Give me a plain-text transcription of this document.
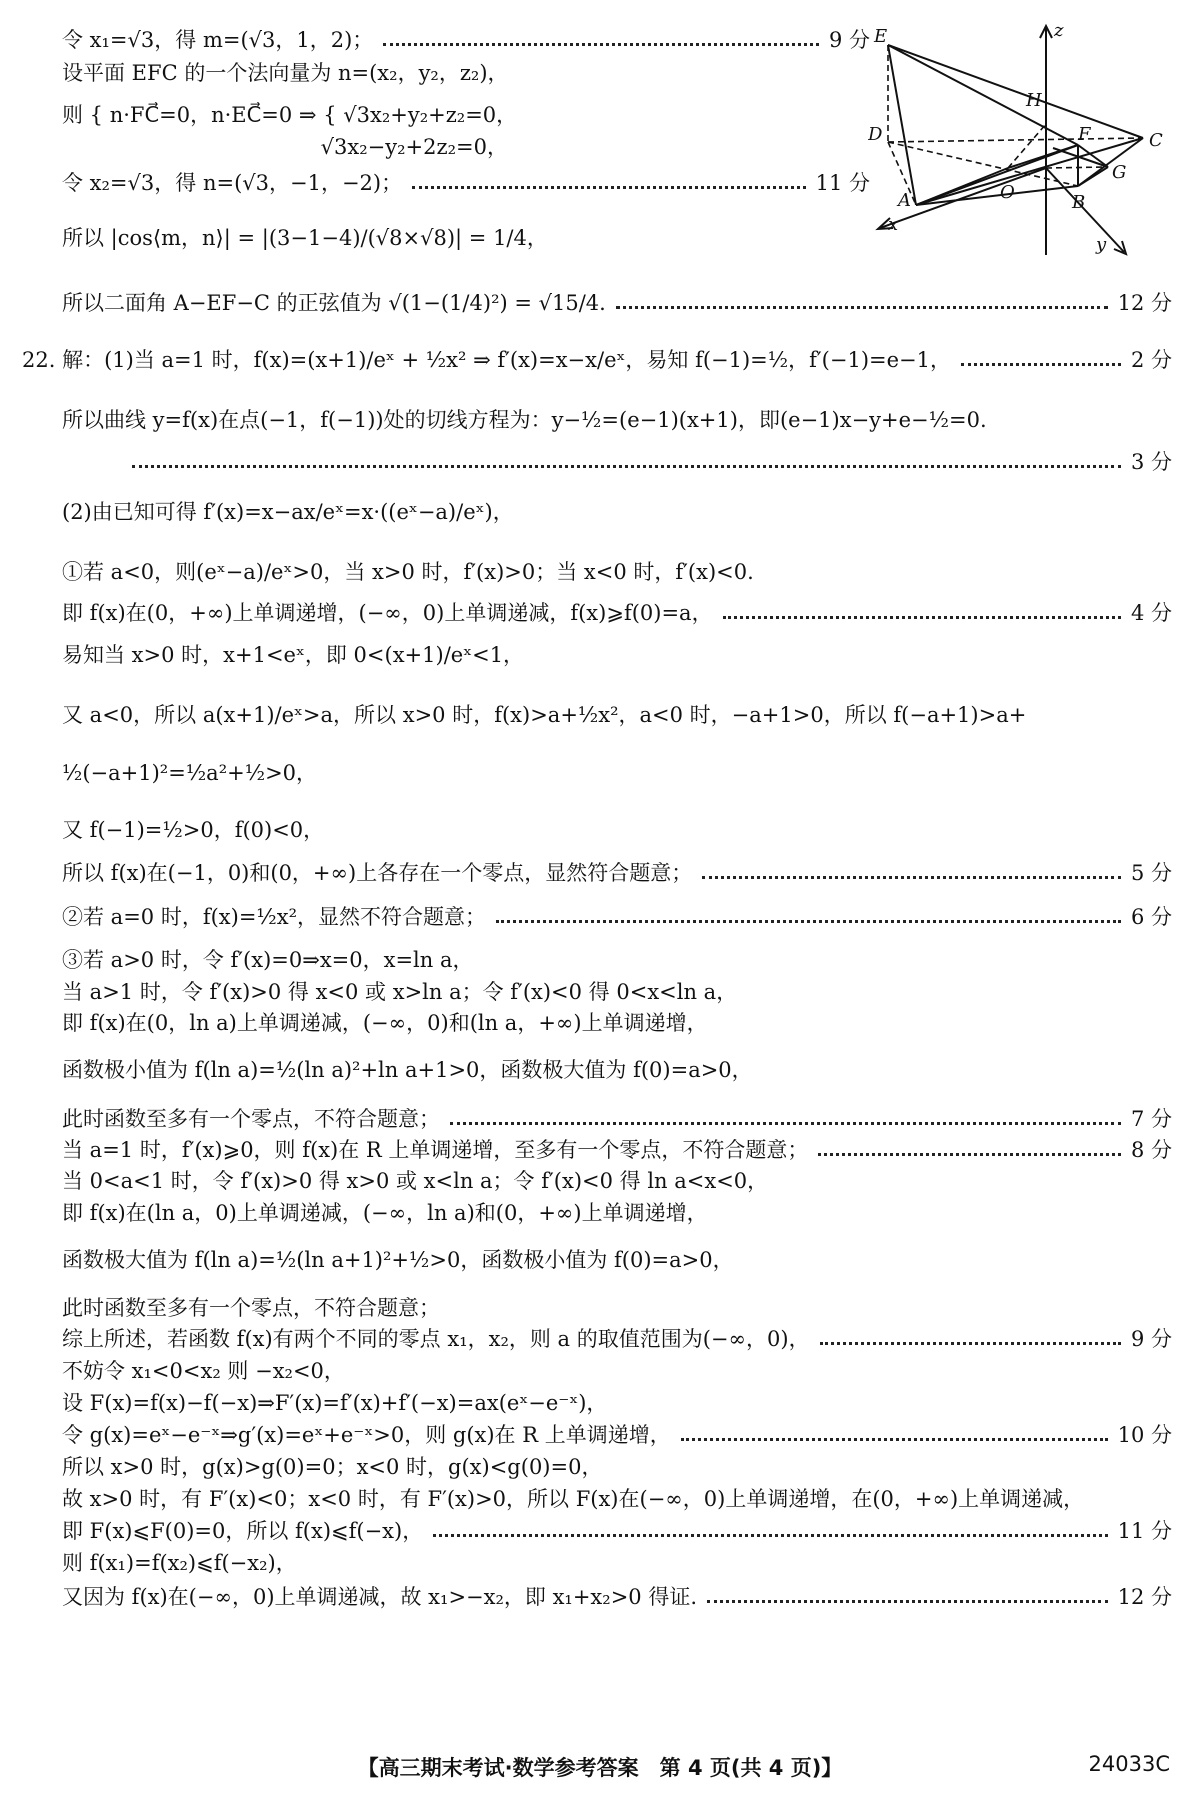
令 x₁=√3，得 m=(√3，1，2)；	9 分
设平面 EFC 的一个法向量为 n=(x₂，y₂，z₂)，
则 { n·FC⃗=0，n·EC⃗=0 ⇒ { √3x₂+y₂+z₂=0，
　　　　　　　　　　　　 √3x₂−y₂+2z₂=0，
令 x₂=√3，得 n=(√3，−1，−2)；	11 分
所以 |cos⟨m，n⟩| = |(3−1−4)/(√8×√8)| = 1/4，
所以二面角 A−EF−C 的正弦值为 √(1−(1/4)²) = √15/4.	12 分
22. 解：(1)当 a=1 时，f(x)=(x+1)/eˣ + ½x² ⇒ f′(x)=x−x/eˣ，易知 f(−1)=½，f′(−1)=e−1，	2 分
所以曲线 y=f(x)在点(−1，f(−1))处的切线方程为：y−½=(e−1)(x+1)，即(e−1)x−y+e−½=0.
3 分
(2)由已知可得 f′(x)=x−ax/eˣ=x·((eˣ−a)/eˣ)，
①若 a<0，则(eˣ−a)/eˣ>0，当 x>0 时，f′(x)>0；当 x<0 时，f′(x)<0.
即 f(x)在(0，+∞)上单调递增，(−∞，0)上单调递减，f(x)⩾f(0)=a，	4 分
易知当 x>0 时，x+1<eˣ，即 0<(x+1)/eˣ<1，
又 a<0，所以 a(x+1)/eˣ>a，所以 x>0 时，f(x)>a+½x²，a<0 时，−a+1>0，所以 f(−a+1)>a+
½(−a+1)²=½a²+½>0，
又 f(−1)=½>0，f(0)<0，
所以 f(x)在(−1，0)和(0，+∞)上各存在一个零点，显然符合题意；	5 分
②若 a=0 时，f(x)=½x²，显然不符合题意；	6 分
③若 a>0 时，令 f′(x)=0⇒x=0，x=ln a，
当 a>1 时，令 f′(x)>0 得 x<0 或 x>ln a；令 f′(x)<0 得 0<x<ln a，
即 f(x)在(0，ln a)上单调递减，(−∞，0)和(ln a，+∞)上单调递增，
函数极小值为 f(ln a)=½(ln a)²+ln a+1>0，函数极大值为 f(0)=a>0，
此时函数至多有一个零点，不符合题意；	7 分
当 a=1 时，f′(x)⩾0，则 f(x)在 R 上单调递增，至多有一个零点，不符合题意；	8 分
当 0<a<1 时，令 f′(x)>0 得 x>0 或 x<ln a；令 f′(x)<0 得 ln a<x<0，
即 f(x)在(ln a，0)上单调递减，(−∞，ln a)和(0，+∞)上单调递增，
函数极大值为 f(ln a)=½(ln a+1)²+½>0，函数极小值为 f(0)=a>0，
此时函数至多有一个零点，不符合题意；
综上所述，若函数 f(x)有两个不同的零点 x₁，x₂，则 a 的取值范围为(−∞，0)，	9 分
不妨令 x₁<0<x₂ 则 −x₂<0，
设 F(x)=f(x)−f(−x)⇒F′(x)=f′(x)+f′(−x)=ax(eˣ−e⁻ˣ)，
令 g(x)=eˣ−e⁻ˣ⇒g′(x)=eˣ+e⁻ˣ>0，则 g(x)在 R 上单调递增，	10 分
所以 x>0 时，g(x)>g(0)=0；x<0 时，g(x)<g(0)=0，
故 x>0 时，有 F′(x)<0；x<0 时，有 F′(x)>0，所以 F(x)在(−∞，0)上单调递增，在(0，+∞)上单调递减，
即 F(x)⩽F(0)=0，所以 f(x)⩽f(−x)，	11 分
则 f(x₁)=f(x₂)⩽f(−x₂)，
又因为 f(x)在(−∞，0)上单调递减，故 x₁>−x₂，即 x₁+x₂>0 得证.	12 分
E	z
H
D	F	C
O
G
A	B
x
y
【高三期末考试·数学参考答案　第 4 页(共 4 页)】	24033C
